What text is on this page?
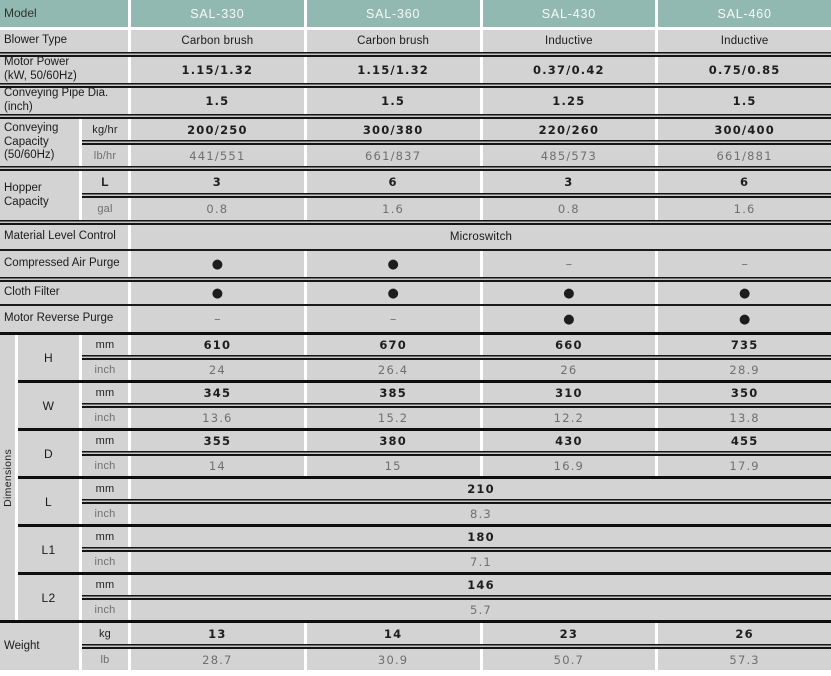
Model	SAL-330	SAL-360	SAL-430	SAL-460
Blower Type	Carbon brush	Carbon brush	Inductive	Inductive
Motor Power
(kW, 50/60Hz)	1.15/1.32	1.15/1.32	0.37/0.42	0.75/0.85
Conveying Pipe Dia.
(inch)	1.5	1.5	1.25	1.5
Conveying Capacity (50/60Hz)
kg/hr	200/250	300/380	220/260	300/400
lb/hr	441/551	661/837	485/573	661/881
Hopper Capacity
L	3	6	3	6
gal	0.8	1.6	0.8	1.6
Material Level Control	Microswitch
Compressed Air Purge	●	●	–	–
Cloth Filter	●	●	●	●
Motor Reverse Purge	–	–	●	●
Dimensions
H
mm	610	670	660	735
inch	24	26.4	26	28.9
W
mm	345	385	310	350
inch	13.6	15.2	12.2	13.8
D
mm	355	380	430	455
inch	14	15	16.9	17.9
L
mm	210
inch	8.3
L1
mm	180
inch	7.1
L2
mm	146
inch	5.7
Weight
kg	13	14	23	26
lb	28.7	30.9	50.7	57.3
